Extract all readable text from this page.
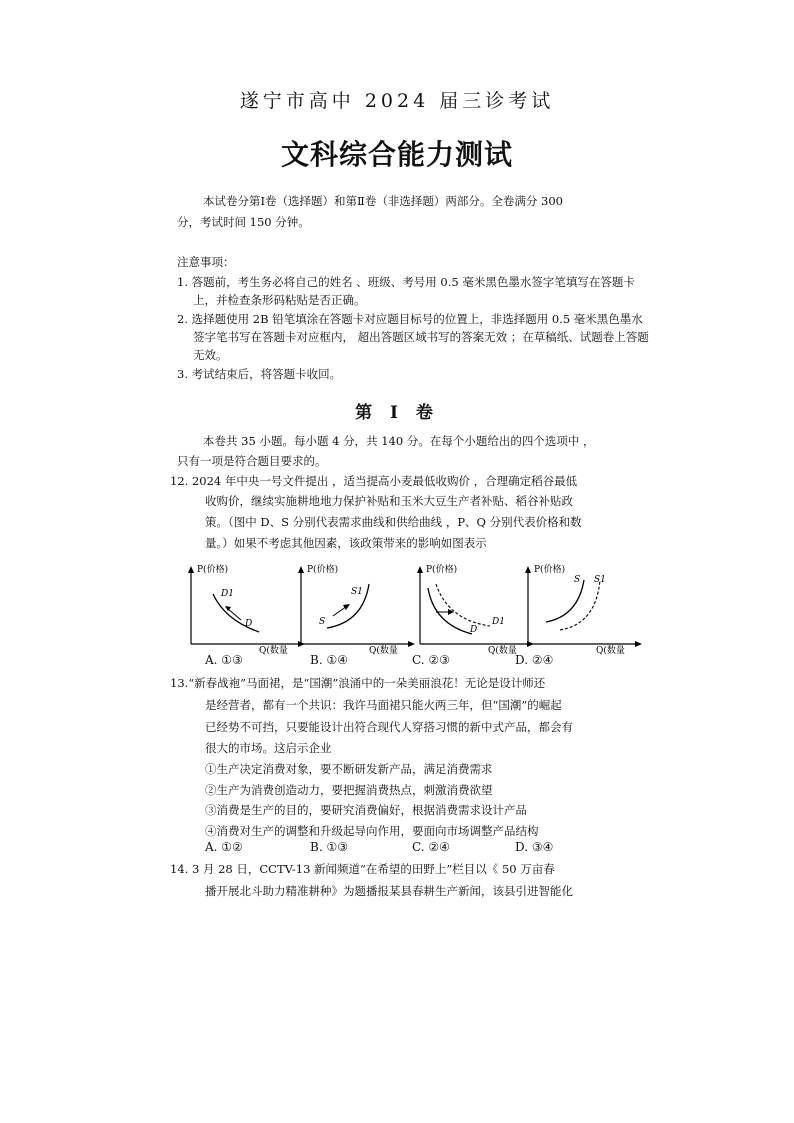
遂宁市高中 2024 届三诊考试
文科综合能力测试
本试卷分第Ⅰ卷（选择题）和第Ⅱ卷（非选择题）两部分。全卷满分 300
分，考试时间 150 分钟。
注意事项：
1. 答题前，考生务必将自己的姓名 、班级、考号用 0.5 毫米黑色墨水签字笔填写在答题卡
上，并检查条形码粘贴是否正确。
2. 选择题使用 2B 铅笔填涂在答题卡对应题目标号的位置上，非选择题用 0.5 毫米黑色墨水
签字笔书写在答题卡对应框内， 超出答题区域书写的答案无效 ；在草稿纸、试题卷上答题
无效。
3. 考试结束后，将答题卡收回。
第 Ⅰ 卷
本卷共 35 小题。每小题 4 分，共 140 分。在每个小题给出的四个选项中 ，
只有一项是符合题目要求的。
12. 2024 年中央一号文件提出 ，适当提高小麦最低收购价 ，合理确定稻谷最低
收购价，继续实施耕地地力保护补贴和玉米大豆生产者补贴、稻谷补贴政
策。（图中 D、S 分别代表需求曲线和供给曲线 ，P、Q 分别代表价格和数
量。）如果不考虑其他因素，该政策带来的影响如图表示
P(价格)
Q(数量
D1
D
P(价格)
Q(数量
S1
S
P(价格)
Q(数量
D1
D
P(价格)
Q(数量
S S1
A. ①③	B. ①④	C. ②③	D. ②④
13.“新春战袍”马面裙，是“国潮”浪涌中的一朵美丽浪花！无论是设计师还
是经营者，都有一个共识：我许马面裙只能火两三年，但“国潮”的崛起
已经势不可挡，只要能设计出符合现代人穿搭习惯的新中式产品，都会有
很大的市场。这启示企业
①生产决定消费对象，要不断研发新产品，满足消费需求
②生产为消费创造动力，要把握消费热点，刺激消费欲望
③消费是生产的目的，要研究消费偏好，根据消费需求设计产品
④消费对生产的调整和升级起导向作用，要面向市场调整产品结构
A. ①②	B. ①③	C. ②④	D. ③④
14. 3 月 28 日，CCTV-13 新闻频道“在希望的田野上”栏目以《 50 万亩春
播开展北斗助力精准耕种》为题播报某县春耕生产新闻，该县引进智能化
